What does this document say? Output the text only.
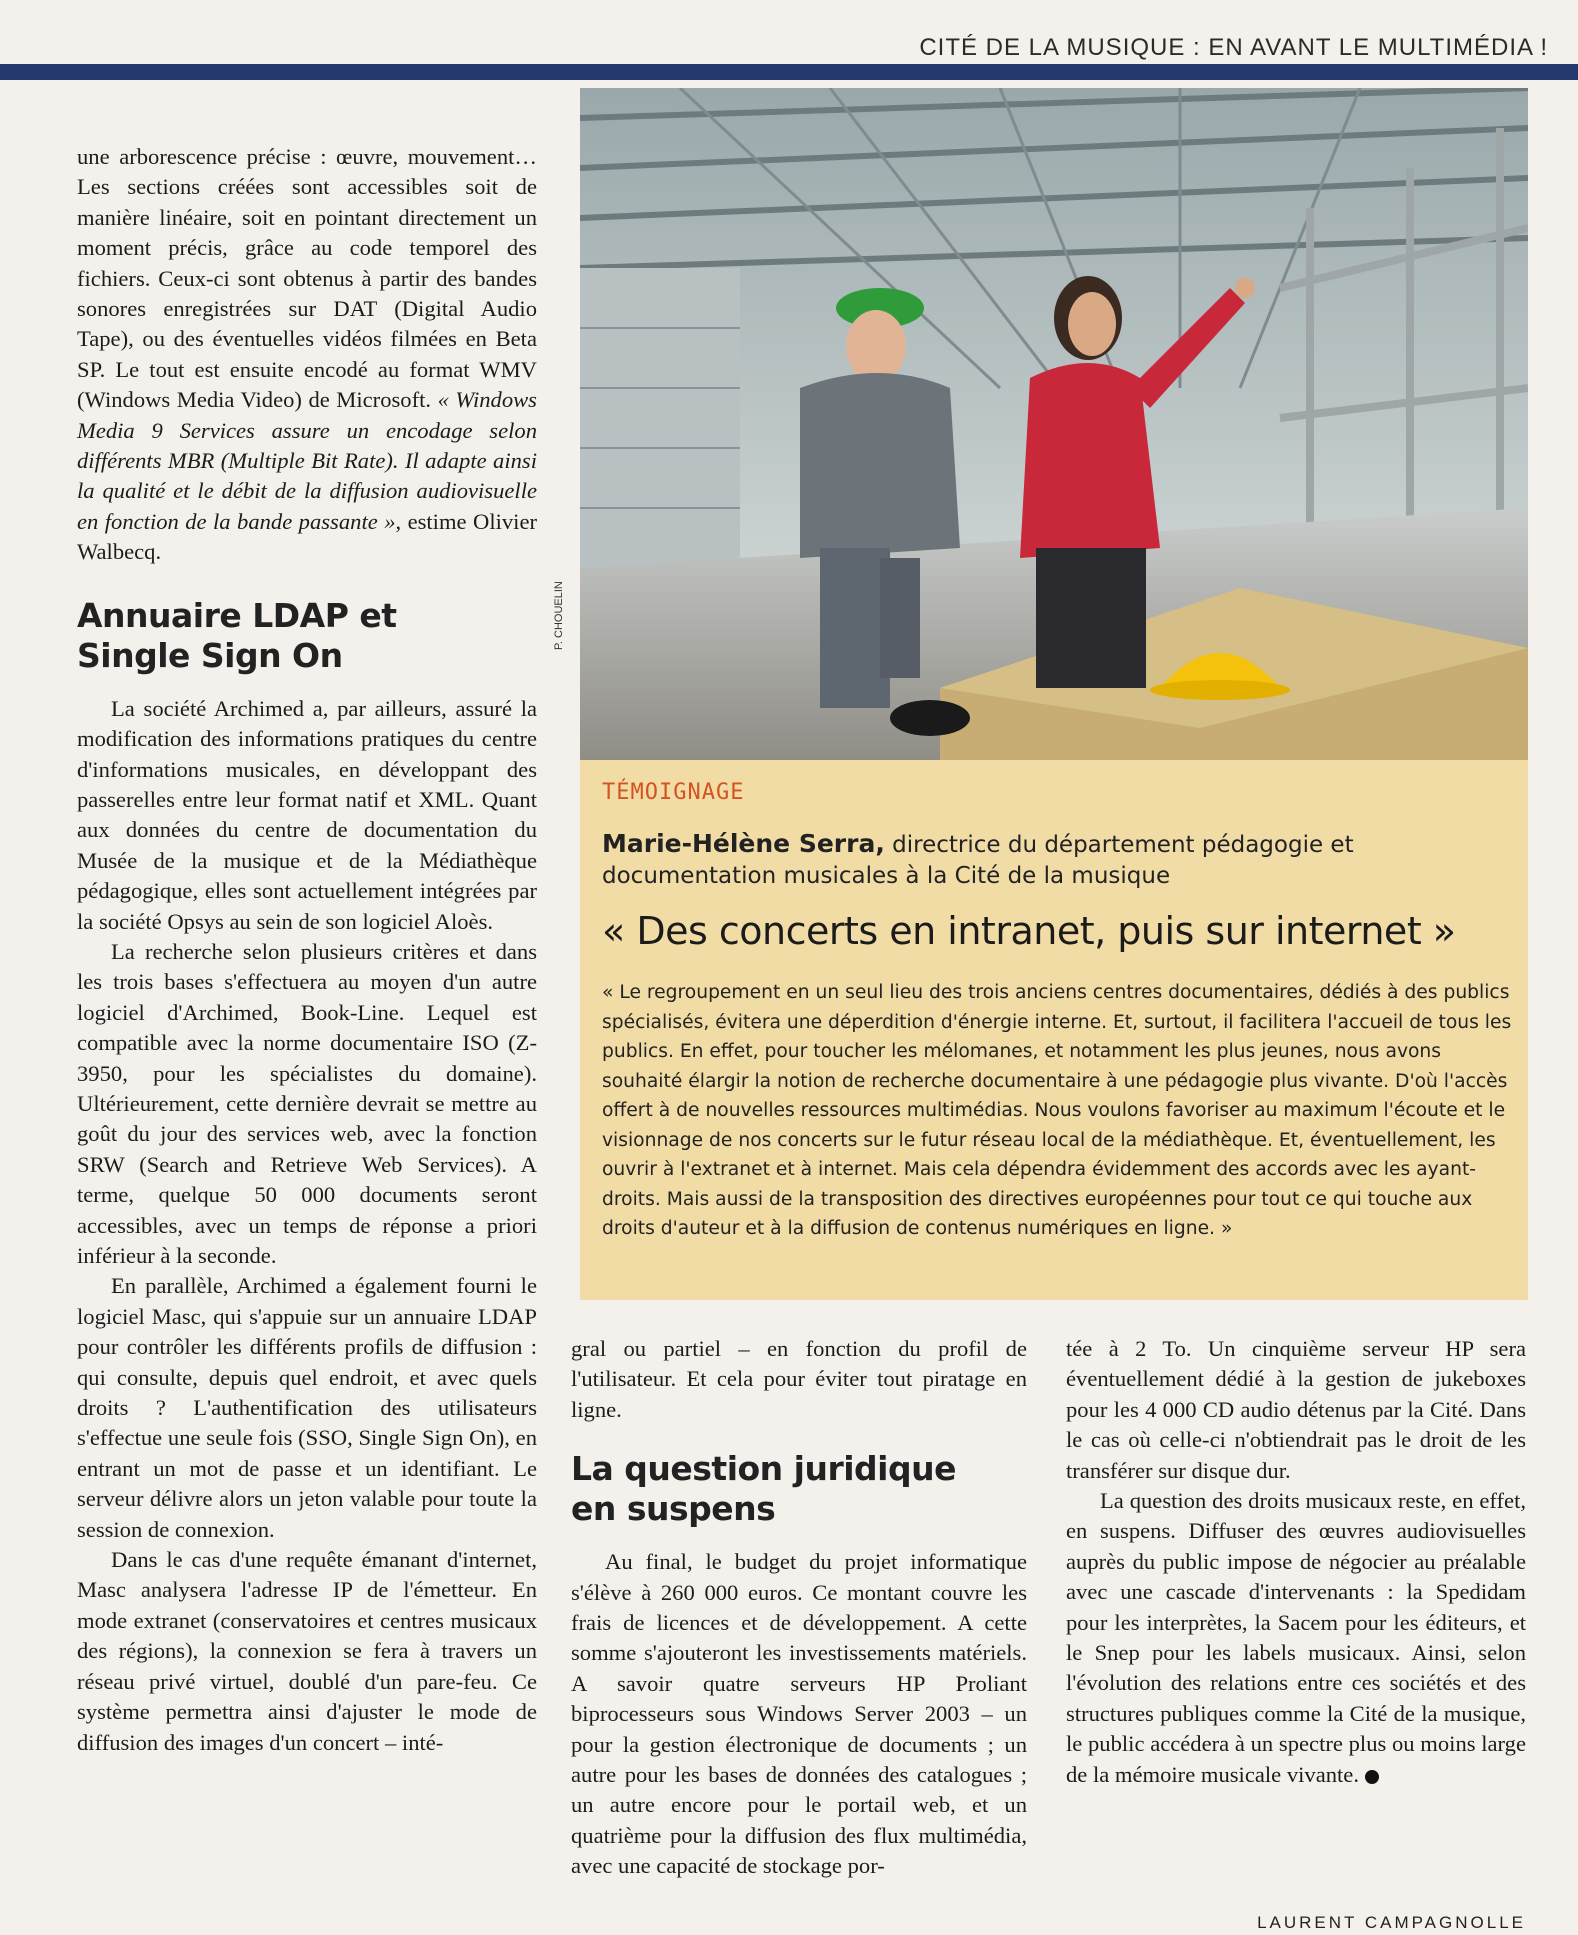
CITÉ DE LA MUSIQUE : EN AVANT LE MULTIMÉDIA !

une arborescence précise : œuvre, mouvement… Les sections créées sont accessibles soit de manière linéaire, soit en pointant directement un moment précis, grâce au code temporel des fichiers. Ceux-ci sont obtenus à partir des bandes sonores enregistrées sur DAT (Digital Audio Tape), ou des éventuelles vidéos filmées en Beta SP. Le tout est ensuite encodé au format WMV (Windows Media Video) de Microsoft. « Windows Media 9 Services assure un encodage selon différents MBR (Multiple Bit Rate). Il adapte ainsi la qualité et le débit de la diffusion audiovisuelle en fonction de la bande passante », estime Olivier Walbecq.

Annuaire LDAP et Single Sign On

La société Archimed a, par ailleurs, assuré la modification des informations pratiques du centre d'informations musicales, en développant des passerelles entre leur format natif et XML. Quant aux données du centre de documentation du Musée de la musique et de la Médiathèque pédagogique, elles sont actuellement intégrées par la société Opsys au sein de son logiciel Aloès.

La recherche selon plusieurs critères et dans les trois bases s'effectuera au moyen d'un autre logiciel d'Archimed, Book-Line. Lequel est compatible avec la norme documentaire ISO (Z-3950, pour les spécialistes du domaine). Ultérieurement, cette dernière devrait se mettre au goût du jour des services web, avec la fonction SRW (Search and Retrieve Web Services). A terme, quelque 50 000 documents seront accessibles, avec un temps de réponse a priori inférieur à la seconde.

En parallèle, Archimed a également fourni le logiciel Masc, qui s'appuie sur un annuaire LDAP pour contrôler les différents profils de diffusion : qui consulte, depuis quel endroit, et avec quels droits ? L'authentification des utilisateurs s'effectue une seule fois (SSO, Single Sign On), en entrant un mot de passe et un identifiant. Le serveur délivre alors un jeton valable pour toute la session de connexion.

Dans le cas d'une requête émanant d'internet, Masc analysera l'adresse IP de l'émetteur. En mode extranet (conservatoires et centres musicaux des régions), la connexion se fera à travers un réseau privé virtuel, doublé d'un pare-feu. Ce système permettra ainsi d'ajuster le mode de diffusion des images d'un concert – inté-

P. CHOUELIN
TÉMOIGNAGE
Marie-Hélène Serra, directrice du département pédagogie et documentation musicales à la Cité de la musique
« Des concerts en intranet, puis sur internet »
« Le regroupement en un seul lieu des trois anciens centres documentaires, dédiés à des publics spécialisés, évitera une déperdition d'énergie interne. Et, surtout, il facilitera l'accueil de tous les publics. En effet, pour toucher les mélomanes, et notamment les plus jeunes, nous avons souhaité élargir la notion de recherche documentaire à une pédagogie plus vivante. D'où l'accès offert à de nouvelles ressources multimédias. Nous voulons favoriser au maximum l'écoute et le visionnage de nos concerts sur le futur réseau local de la médiathèque. Et, éventuellement, les ouvrir à l'extranet et à internet. Mais cela dépendra évidemment des accords avec les ayant-droits. Mais aussi de la transposition des directives européennes pour tout ce qui touche aux droits d'auteur et à la diffusion de contenus numériques en ligne. »

gral ou partiel – en fonction du profil de l'utilisateur. Et cela pour éviter tout piratage en ligne.

La question juridique en suspens

Au final, le budget du projet informatique s'élève à 260 000 euros. Ce montant couvre les frais de licences et de développement. A cette somme s'ajouteront les investissements matériels. A savoir quatre serveurs HP Proliant biprocesseurs sous Windows Server 2003 – un pour la gestion électronique de documents ; un autre pour les bases de données des catalogues ; un autre encore pour le portail web, et un quatrième pour la diffusion des flux multimédia, avec une capacité de stockage por-

tée à 2 To. Un cinquième serveur HP sera éventuellement dédié à la gestion de jukeboxes pour les 4 000 CD audio détenus par la Cité. Dans le cas où celle-ci n'obtiendrait pas le droit de les transférer sur disque dur.

La question des droits musicaux reste, en effet, en suspens. Diffuser des œuvres audiovisuelles auprès du public impose de négocier au préalable avec une cascade d'intervenants : la Spedidam pour les interprètes, la Sacem pour les éditeurs, et le Snep pour les labels musicaux. Ainsi, selon l'évolution des relations entre ces sociétés et des structures publiques comme la Cité de la musique, le public accédera à un spectre plus ou moins large de la mémoire musicale vivante.

LAURENT CAMPAGNOLLE
